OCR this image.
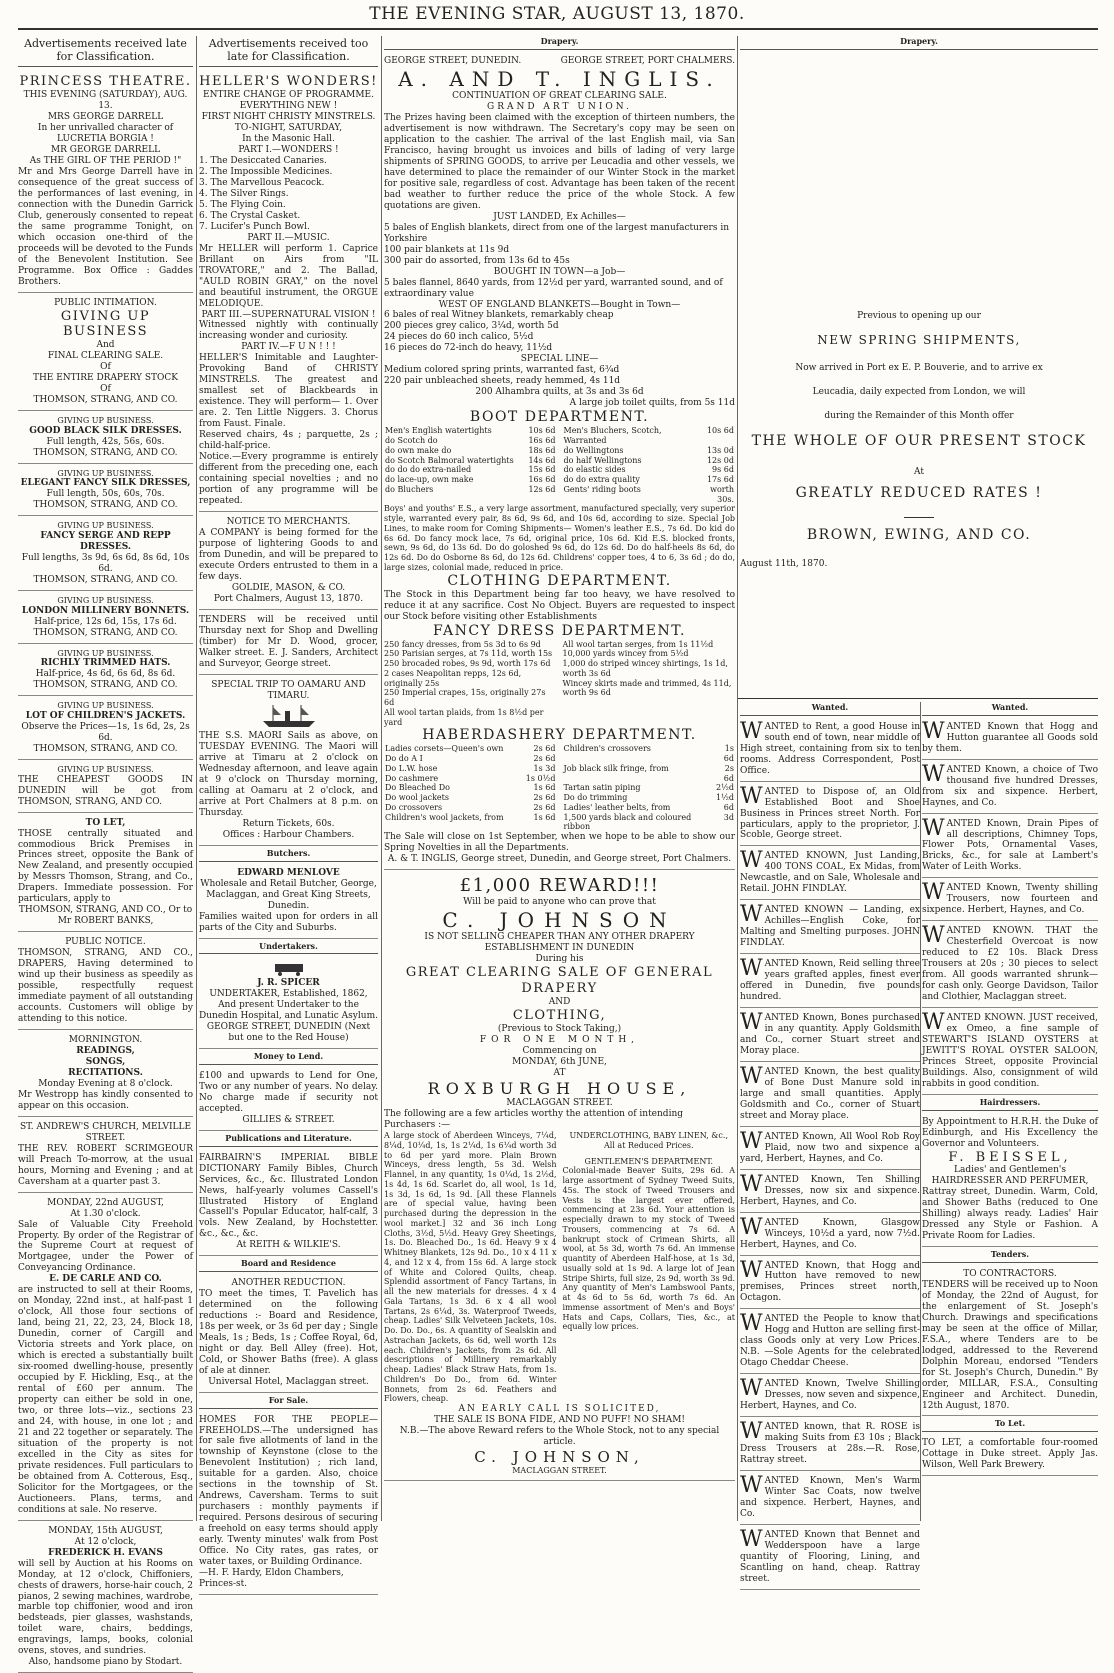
THE EVENING STAR, AUGUST 13, 1870.
Advertisements received late for Classification.
PRINCESS THEATRE.
THIS EVENING (SATURDAY), AUG. 13.
MRS GEORGE DARRELL
In her unrivalled character of
LUCRETIA BORGIA !
MR GEORGE DARRELL
As THE GIRL OF THE PERIOD !"
Mr and Mrs George Darrell have in consequence of the great success of the performances of last evening, in connection with the Dunedin Garrick Club, generously consented to repeat the same programme Tonight, on which occasion one-third of the proceeds will be devoted to the Funds of the Benevolent Institution. See Programme. Box Office : Gaddes Brothers.
PUBLIC INTIMATION.
GIVING UP BUSINESS
And
FINAL CLEARING SALE.
Of
THE ENTIRE DRAPERY STOCK
Of
THOMSON, STRANG, AND CO.
GIVING UP BUSINESS.
GOOD BLACK SILK DRESSES.
Full length, 42s, 56s, 60s.
THOMSON, STRANG, AND CO.
GIVING UP BUSINESS.
ELEGANT FANCY SILK DRESSES,
Full length, 50s, 60s, 70s.
THOMSON, STRANG, AND CO.
GIVING UP BUSINESS.
FANCY SERGE AND REPP DRESSES.
Full lengths, 3s 9d, 6s 6d, 8s 6d, 10s 6d.
THOMSON, STRANG, AND CO.
GIVING UP BUSINESS.
LONDON MILLINERY BONNETS.
Half-price, 12s 6d, 15s, 17s 6d.
THOMSON, STRANG, AND CO.
GIVING UP BUSINESS.
RICHLY TRIMMED HATS.
Half-price, 4s 6d, 6s 6d, 8s 6d.
THOMSON, STRANG, AND CO.
GIVING UP BUSINESS.
LOT OF CHILDREN'S JACKETS.
Observe the Prices—1s, 1s 6d, 2s, 2s 6d.
THOMSON, STRANG, AND CO.
GIVING UP BUSINESS.
THE CHEAPEST GOODS IN DUNEDIN will be got from THOMSON, STRANG, AND CO.
TO LET,
THOSE centrally situated and commodious Brick Premises in Princes street, opposite the Bank of New Zealand, and presently occupied by Messrs Thomson, Strang, and Co., Drapers. Immediate possession. For particulars, apply to
THOMSON, STRANG, AND CO., Or to Mr ROBERT BANKS,
PUBLIC NOTICE.
THOMSON, STRANG, AND CO., DRAPERS, Having determined to wind up their business as speedily as possible, respectfully request immediate payment of all outstanding accounts. Customers will oblige by attending to this notice.
MORNINGTON.
READINGS,
SONGS,
RECITATIONS.
Monday Evening at 8 o'clock.
Mr Westropp has kindly consented to appear on this occasion.
ST. ANDREW'S CHURCH, MELVILLE STREET.
THE REV. ROBERT SCRIMGEOUR will Preach To-morrow, at the usual hours, Morning and Evening ; and at Caversham at a quarter past 3.
MONDAY, 22nd AUGUST,
At 1.30 o'clock.
Sale of Valuable City Freehold Property. By order of the Registrar of the Supreme Court at request of Mortgagee, under the Power of Conveyancing Ordinance.
E. DE CARLE AND CO.
are instructed to sell at their Rooms, on Monday, 22nd inst., at half-past 1 o'clock, All those four sections of land, being 21, 22, 23, 24, Block 18, Dunedin, corner of Cargill and Victoria streets and York place, on which is erected a substantially built six-roomed dwelling-house, presently occupied by F. Hickling, Esq., at the rental of £60 per annum. The property can either be sold in one, two, or three lots—viz., sections 23 and 24, with house, in one lot ; and 21 and 22 together or separately. The situation of the property is not excelled in the City as sites for private residences. Full particulars to be obtained from A. Cotterous, Esq., Solicitor for the Mortgagees, or the Auctioneers. Plans, terms, and conditions at sale. No reserve.
MONDAY, 15th AUGUST,
At 12 o'clock,
FREDERICK H. EVANS
will sell by Auction at his Rooms on Monday, at 12 o'clock, Chiffoniers, chests of drawers, horse-hair couch, 2 pianos, 2 sewing machines, wardrobe, marble top chiffonier, wood and iron bedsteads, pier glasses, washstands, toilet ware, chairs, beddings, engravings, lamps, books, colonial ovens, stoves, and sundries.
Also, handsome piano by Stodart.
Advertisements received too late for Classification.
HELLER'S WONDERS!
ENTIRE CHANGE OF PROGRAMME.
EVERYTHING NEW !
FIRST NIGHT CHRISTY MINSTRELS.
TO-NIGHT, SATURDAY,
In the Masonic Hall.
PART I.—WONDERS !
1. The Desiccated Canaries.
2. The Impossible Medicines.
3. The Marvellous Peacock.
4. The Silver Rings.
5. The Flying Coin.
6. The Crystal Casket.
7. Lucifer's Punch Bowl.
PART II.—MUSIC.
Mr HELLER will perform 1. Caprice Brillant on Airs from "IL TROVATORE," and 2. The Ballad, "AULD ROBIN GRAY," on the novel and beautiful instrument, the ORGUE MELODIQUE.
PART III.—SUPERNATURAL VISION !
Witnessed nightly with continually increasing wonder and curiosity.
PART IV.—F U N ! ! !
HELLER'S Inimitable and Laughter-Provoking Band of CHRISTY MINSTRELS. The greatest and smallest set of Blackbeards in existence. They will perform— 1. Over are. 2. Ten Little Niggers. 3. Chorus from Faust. Finale.
Reserved chairs, 4s ; parquette, 2s ; child-half-price.
Notice.—Every programme is entirely different from the preceding one, each containing special novelties ; and no portion of any programme will be repeated.
NOTICE TO MERCHANTS.
A COMPANY is being formed for the purpose of lightering Goods to and from Dunedin, and will be prepared to execute Orders entrusted to them in a few days.
GOLDIE, MASON, & CO.
Port Chalmers, August 13, 1870.
TENDERS will be received until Thursday next for Shop and Dwelling (timber) for Mr D. Wood, grocer, Walker street. E. J. Sanders, Architect and Surveyor, George street.
SPECIAL TRIP TO OAMARU AND TIMARU.
THE S.S. MAORI Sails as above, on TUESDAY EVENING. The Maori will arrive at Timaru at 2 o'clock on Wednesday afternoon, and leave again at 9 o'clock on Thursday morning, calling at Oamaru at 2 o'clock, and arrive at Port Chalmers at 8 p.m. on Thursday.
Return Tickets, 60s.
Offices : Harbour Chambers.
Butchers.
EDWARD MENLOVE
Wholesale and Retail Butcher, George, Maclaggan, and Great King Streets, Dunedin.
Families waited upon for orders in all parts of the City and Suburbs.
Undertakers.
J. R. SPICER
UNDERTAKER, Established, 1862, And present Undertaker to the Dunedin Hospital, and Lunatic Asylum. GEORGE STREET, DUNEDIN (Next but one to the Red House)
Money to Lend.
£100 and upwards to Lend for One, Two or any number of years. No delay. No charge made if security not accepted.
GILLIES & STREET.
Publications and Literature.
FAIRBAIRN'S IMPERIAL BIBLE DICTIONARY Family Bibles, Church Services, &c., &c. Illustrated London News, half-yearly volumes Cassell's Illustrated History of England Cassell's Popular Educator, half-calf, 3 vols. New Zealand, by Hochstetter. &c., &c., &c.
At REITH & WILKIE'S.
Board and Residence
ANOTHER REDUCTION.
TO meet the times, T. Pavelich has determined on the following reductions :- Board and Residence, 18s per week, or 3s 6d per day ; Single Meals, 1s ; Beds, 1s ; Coffee Royal, 6d, night or day. Bell Alley (free). Hot, Cold, or Shower Baths (free). A glass of ale at dinner.
Universal Hotel, Maclaggan street.
For Sale.
HOMES FOR THE PEOPLE—FREEHOLDS.—The undersigned has for sale five allotments of land in the township of Keynstone (close to the Benevolent Institution) ; rich land, suitable for a garden. Also, choice sections in the township of St. Andrews, Caversham. Terms to suit purchasers : monthly payments if required. Persons desirous of securing a freehold on easy terms should apply early. Twenty minutes' walk from Post Office. No City rates, gas rates, or water taxes, or Building Ordinance.
—H. F. Hardy, Eldon Chambers, Princes-st.
Drapery.
GEORGE STREET, DUNEDIN.	GEORGE STREET, PORT CHALMERS.
A. AND T. INGLIS.
CONTINUATION OF GREAT CLEARING SALE.
GRAND ART UNION.
The Prizes having been claimed with the exception of thirteen numbers, the advertisement is now withdrawn. The Secretary's copy may be seen on application to the cashier. The arrival of the last English mail, via San Francisco, having brought us invoices and bills of lading of very large shipments of SPRING GOODS, to arrive per Leucadia and other vessels, we have determined to place the remainder of our Winter Stock in the market for positive sale, regardless of cost. Advantage has been taken of the recent bad weather to further reduce the price of the whole Stock. A few quotations are given.
JUST LANDED, Ex Achilles—
5 bales of English blankets, direct from one of the largest manufacturers in Yorkshire
100 pair blankets at 11s 9d
300 pair do assorted, from 13s 6d to 45s
BOUGHT IN TOWN—a Job—
5 bales flannel, 8640 yards, from 12½d per yard, warranted sound, and of extraordinary value
WEST OF ENGLAND BLANKETS—Bought in Town—
6 bales of real Witney blankets, remarkably cheap
200 pieces grey calico, 3¼d, worth 5d
24 pieces do 60 inch calico, 5½d
16 pieces do 72-inch do heavy, 11½d
SPECIAL LINE—
Medium colored spring prints, warranted fast, 6¾d
220 pair unbleached sheets, ready hemmed, 4s 11d
200 Alhambra quilts, at 3s and 3s 6d
A large job toilet quilts, from 5s 11d
BOOT DEPARTMENT.
Men's English watertights	10s 6d
do Scotch do	16s 6d
do own make do	18s 6d
do Scotch Balmoral watertights	14s 6d
do do do extra-nailed	15s 6d
do lace-up, own make	16s 6d
do Bluchers	12s 6d
Men's Bluchers, Scotch, Warranted	10s 6d
do Wellingtons	13s 0d
do half Wellingtons	12s 0d
do elastic sides	9s 6d
do do extra quality	17s 6d
Gents' riding boots	worth 30s.
Boys' and youths' E.S., a very large assortment, manufactured specially, very superior style, warranted every pair, 8s 6d, 9s 6d, and 10s 6d, according to size. Special Job Lines, to make room for Coming Shipments— Women's leather E.S., 7s 6d. Do kid do 6s 6d. Do fancy mock lace, 7s 6d, original price, 10s 6d. Kid E.S. blocked fronts, sewn, 9s 6d, do 13s 6d. Do do goloshed 9s 6d, do 12s 6d. Do do half-heels 8s 6d, do 12s 6d. Do do Osborne 8s 6d, do 12s 6d. Childrens' copper toes, 4 to 6, 3s 6d ; do do, large sizes, colonial made, reduced in price.
CLOTHING DEPARTMENT.
The Stock in this Department being far too heavy, we have resolved to reduce it at any sacrifice. Cost No Object. Buyers are requested to inspect our Stock before visiting other Establishments
FANCY DRESS DEPARTMENT.
250 fancy dresses, from 5s 3d to 6s 9d
250 Parisian serges, at 7s 11d, worth 15s
250 brocaded robes, 9s 9d, worth 17s 6d
2 cases Neapolitan repps, 12s 6d, originally 25s
250 Imperial crapes, 15s, originally 27s 6d
All wool tartan plaids, from 1s 8½d per yard
All wool tartan serges, from 1s 11½d
10,000 yards wincey from 5½d
1,000 do striped wincey shirtings, 1s 1d, worth 3s 6d
Wincey skirts made and trimmed, 4s 11d, worth 9s 6d
HABERDASHERY DEPARTMENT.
Ladies corsets—Queen's own	2s 6d
Do do A I	2s 6d
Do L.W. hose	1s 3d
Do cashmere	1s 0½d
Do Bleached Do	1s 6d
Do wool jackets	2s 6d
Do crossovers	2s 6d
Children's wool jackets, from	1s 6d
Children's crossovers	1s 6d
Job black silk fringe, from	2s 6d
Tartan satin piping	2½d
Do do trimming	1½d
Ladies' leather belts, from	6d
1,500 yards black and coloured ribbon	3d
The Sale will close on 1st September, when we hope to be able to show our Spring Novelties in all the Departments.
A. & T. INGLIS, George street, Dunedin, and George street, Port Chalmers.
£1,000 REWARD!!!
Will be paid to anyone who can prove that
C. JOHNSON
IS NOT SELLING CHEAPER THAN ANY OTHER DRAPERY ESTABLISHMENT IN DUNEDIN
During his
GREAT CLEARING SALE OF GENERAL DRAPERY
AND
CLOTHING,
(Previous to Stock Taking,)
FOR ONE MONTH,
Commencing on
MONDAY, 6th JUNE,
AT
ROXBURGH HOUSE,
MACLAGGAN STREET.
The following are a few articles worthy the attention of intending Purchasers :—
A large stock of Aberdeen Winceys, 7¼d, 8¼d, 10¼d, 1s, 1s 2¼d, 1s 6¼d worth 3d to 6d per yard more. Plain Brown Winceys, dress length, 5s 3d. Welsh Flannel, in any quantity, 1s 0¼d, 1s 2½d, 1s 4d, 1s 6d. Scarlet do, all wool, 1s 1d, 1s 3d, 1s 6d, 1s 9d. [All these Flannels are of special value, having been purchased during the depression in the wool market.] 32 and 36 inch Long Cloths, 3½d, 5½d. Heavy Grey Sheetings, 1s. Do. Bleached Do., 1s 6d. Heavy 9 x 4 Whitney Blankets, 12s 9d. Do., 10 x 4 11 x 4, and 12 x 4, from 15s 6d. A large stock of White and Colored Quilts, cheap. Splendid assortment of Fancy Tartans, in all the new materials for dresses. 4 x 4 Gala Tartans, 1s 3d. 6 x 4 all wool Tartans, 2s 6¼d, 3s. Waterproof Tweeds, cheap. Ladies' Silk Velveteen Jackets, 10s. Do. Do. Do., 6s. A quantity of Sealskin and Astrachan Jackets, 6s 6d, well worth 12s each. Children's Jackets, from 2s 6d. All descriptions of Millinery remarkably cheap. Ladies' Black Straw Hats, from 1s. Children's Do Do., from 6d. Winter Bonnets, from 2s 6d. Feathers and Flowers, cheap.
UNDERCLOTHING, BABY LINEN, &c.,
All at Reduced Prices.
GENTLEMEN'S DEPARTMENT.
Colonial-made Beaver Suits, 29s 6d. A large assortment of Sydney Tweed Suits, 45s. The stock of Tweed Trousers and Vests is the largest ever offered, commencing at 23s 6d. Your attention is especially drawn to my stock of Tweed Trousers, commencing at 7s 6d. A bankrupt stock of Crimean Shirts, all wool, at 5s 3d, worth 7s 6d. An immense quantity of Aberdeen Half-hose, at 1s 3d, usually sold at 1s 9d. A large lot of Jean Stripe Shirts, full size, 2s 9d, worth 3s 9d. Any quantity of Men's Lambswool Pants, at 4s 6d to 5s 6d, worth 7s 6d. An immense assortment of Men's and Boys' Hats and Caps, Collars, Ties, &c., at equally low prices.
AN EARLY CALL IS SOLICITED,
THE SALE IS BONA FIDE, AND NO PUFF! NO SHAM!
N.B.—The above Reward refers to the Whole Stock, not to any special article.
C. JOHNSON,
MACLAGGAN STREET.
Drapery.
Previous to opening up our
NEW SPRING SHIPMENTS,
Now arrived in Port ex E. P. Bouverie, and to arrive ex
Leucadia, daily expected from London, we will
during the Remainder of this Month offer
THE WHOLE OF OUR PRESENT STOCK
At
GREATLY REDUCED RATES !
BROWN, EWING, AND CO.
August 11th, 1870.
Wanted.
WANTED to Rent, a good House in south end of town, near middle of High street, containing from six to ten rooms. Address Correspondent, Post Office.
WANTED to Dispose of, an Old Established Boot and Shoe Business in Princes street North. For particulars, apply to the proprietor, J. Scoble, George street.
WANTED KNOWN, Just Landing, 400 TONS COAL, Ex Midas, from Newcastle, and on Sale, Wholesale and Retail. JOHN FINDLAY.
WANTED KNOWN — Landing, ex Achilles—English Coke, for Malting and Smelting purposes. JOHN FINDLAY.
WANTED Known, Reid selling three years grafted apples, finest ever offered in Dunedin, five pounds hundred.
WANTED Known, Bones purchased in any quantity. Apply Goldsmith and Co., corner Stuart street and Moray place.
WANTED Known, the best quality of Bone Dust Manure sold in large and small quantities. Apply Goldsmith and Co., corner of Stuart street and Moray place.
WANTED Known, All Wool Rob Roy Plaid, now two and sixpence a yard, Herbert, Haynes, and Co.
WANTED Known, Ten Shilling Dresses, now six and sixpence. Herbert, Haynes, and Co.
WANTED Known, Glasgow Winceys, 10½d a yard, now 7½d. Herbert, Haynes, and Co.
WANTED Known, that Hogg and Hutton have removed to new premises, Princes street north, Octagon.
WANTED the People to know that Hogg and Hutton are selling first-class Goods only at very Low Prices. N.B. —Sole Agents for the celebrated Otago Cheddar Cheese.
WANTED Known, Twelve Shilling Dresses, now seven and sixpence, Herbert, Haynes, and Co.
WANTED known, that R. ROSE is making Suits from £3 10s ; Black Dress Trousers at 28s.—R. Rose, Rattray street.
WANTED Known, Men's Warm Winter Sac Coats, now twelve and sixpence. Herbert, Haynes, and Co.
WANTED Known that Bennet and Wedderspoon have a large quantity of Flooring, Lining, and Scantling on hand, cheap. Rattray street.
Wanted.
WANTED Known that Hogg and Hutton guarantee all Goods sold by them.
WANTED Known, a choice of Two thousand five hundred Dresses, from six and sixpence. Herbert, Haynes, and Co.
WANTED Known, Drain Pipes of all descriptions, Chimney Tops, Flower Pots, Ornamental Vases, Bricks, &c., for sale at Lambert's Water of Leith Works.
WANTED Known, Twenty shilling Trousers, now fourteen and sixpence. Herbert, Haynes, and Co.
WANTED KNOWN. THAT the Chesterfield Overcoat is now reduced to £2 10s. Black Dress Trousers at 20s ; 30 pieces to select from. All goods warranted shrunk—for cash only. George Davidson, Tailor and Clothier, Maclaggan street.
WANTED KNOWN. JUST received, ex Omeo, a fine sample of STEWART'S ISLAND OYSTERS at JEWITT'S ROYAL OYSTER SALOON, Princes Street, opposite Provincial Buildings. Also, consignment of wild rabbits in good condition.
Hairdressers.
By Appointment to H.R.H. the Duke of Edinburgh, and His Excellency the Governor and Volunteers.
F. BEISSEL,
Ladies' and Gentlemen's HAIRDRESSER AND PERFUMER,
Rattray street, Dunedin. Warm, Cold, and Shower Baths (reduced to One Shilling) always ready. Ladies' Hair Dressed any Style or Fashion. A Private Room for Ladies.
Tenders.
TO CONTRACTORS.
TENDERS will be received up to Noon of Monday, the 22nd of August, for the enlargement of St. Joseph's Church. Drawings and specifications may be seen at the office of Millar, F.S.A., where Tenders are to be lodged, addressed to the Reverend Dolphin Moreau, endorsed "Tenders for St. Joseph's Church, Dunedin." By order, MILLAR, F.S.A., Consulting Engineer and Architect. Dunedin, 12th August, 1870.
To Let.
TO LET, a comfortable four-roomed Cottage in Duke street. Apply Jas. Wilson, Well Park Brewery.
